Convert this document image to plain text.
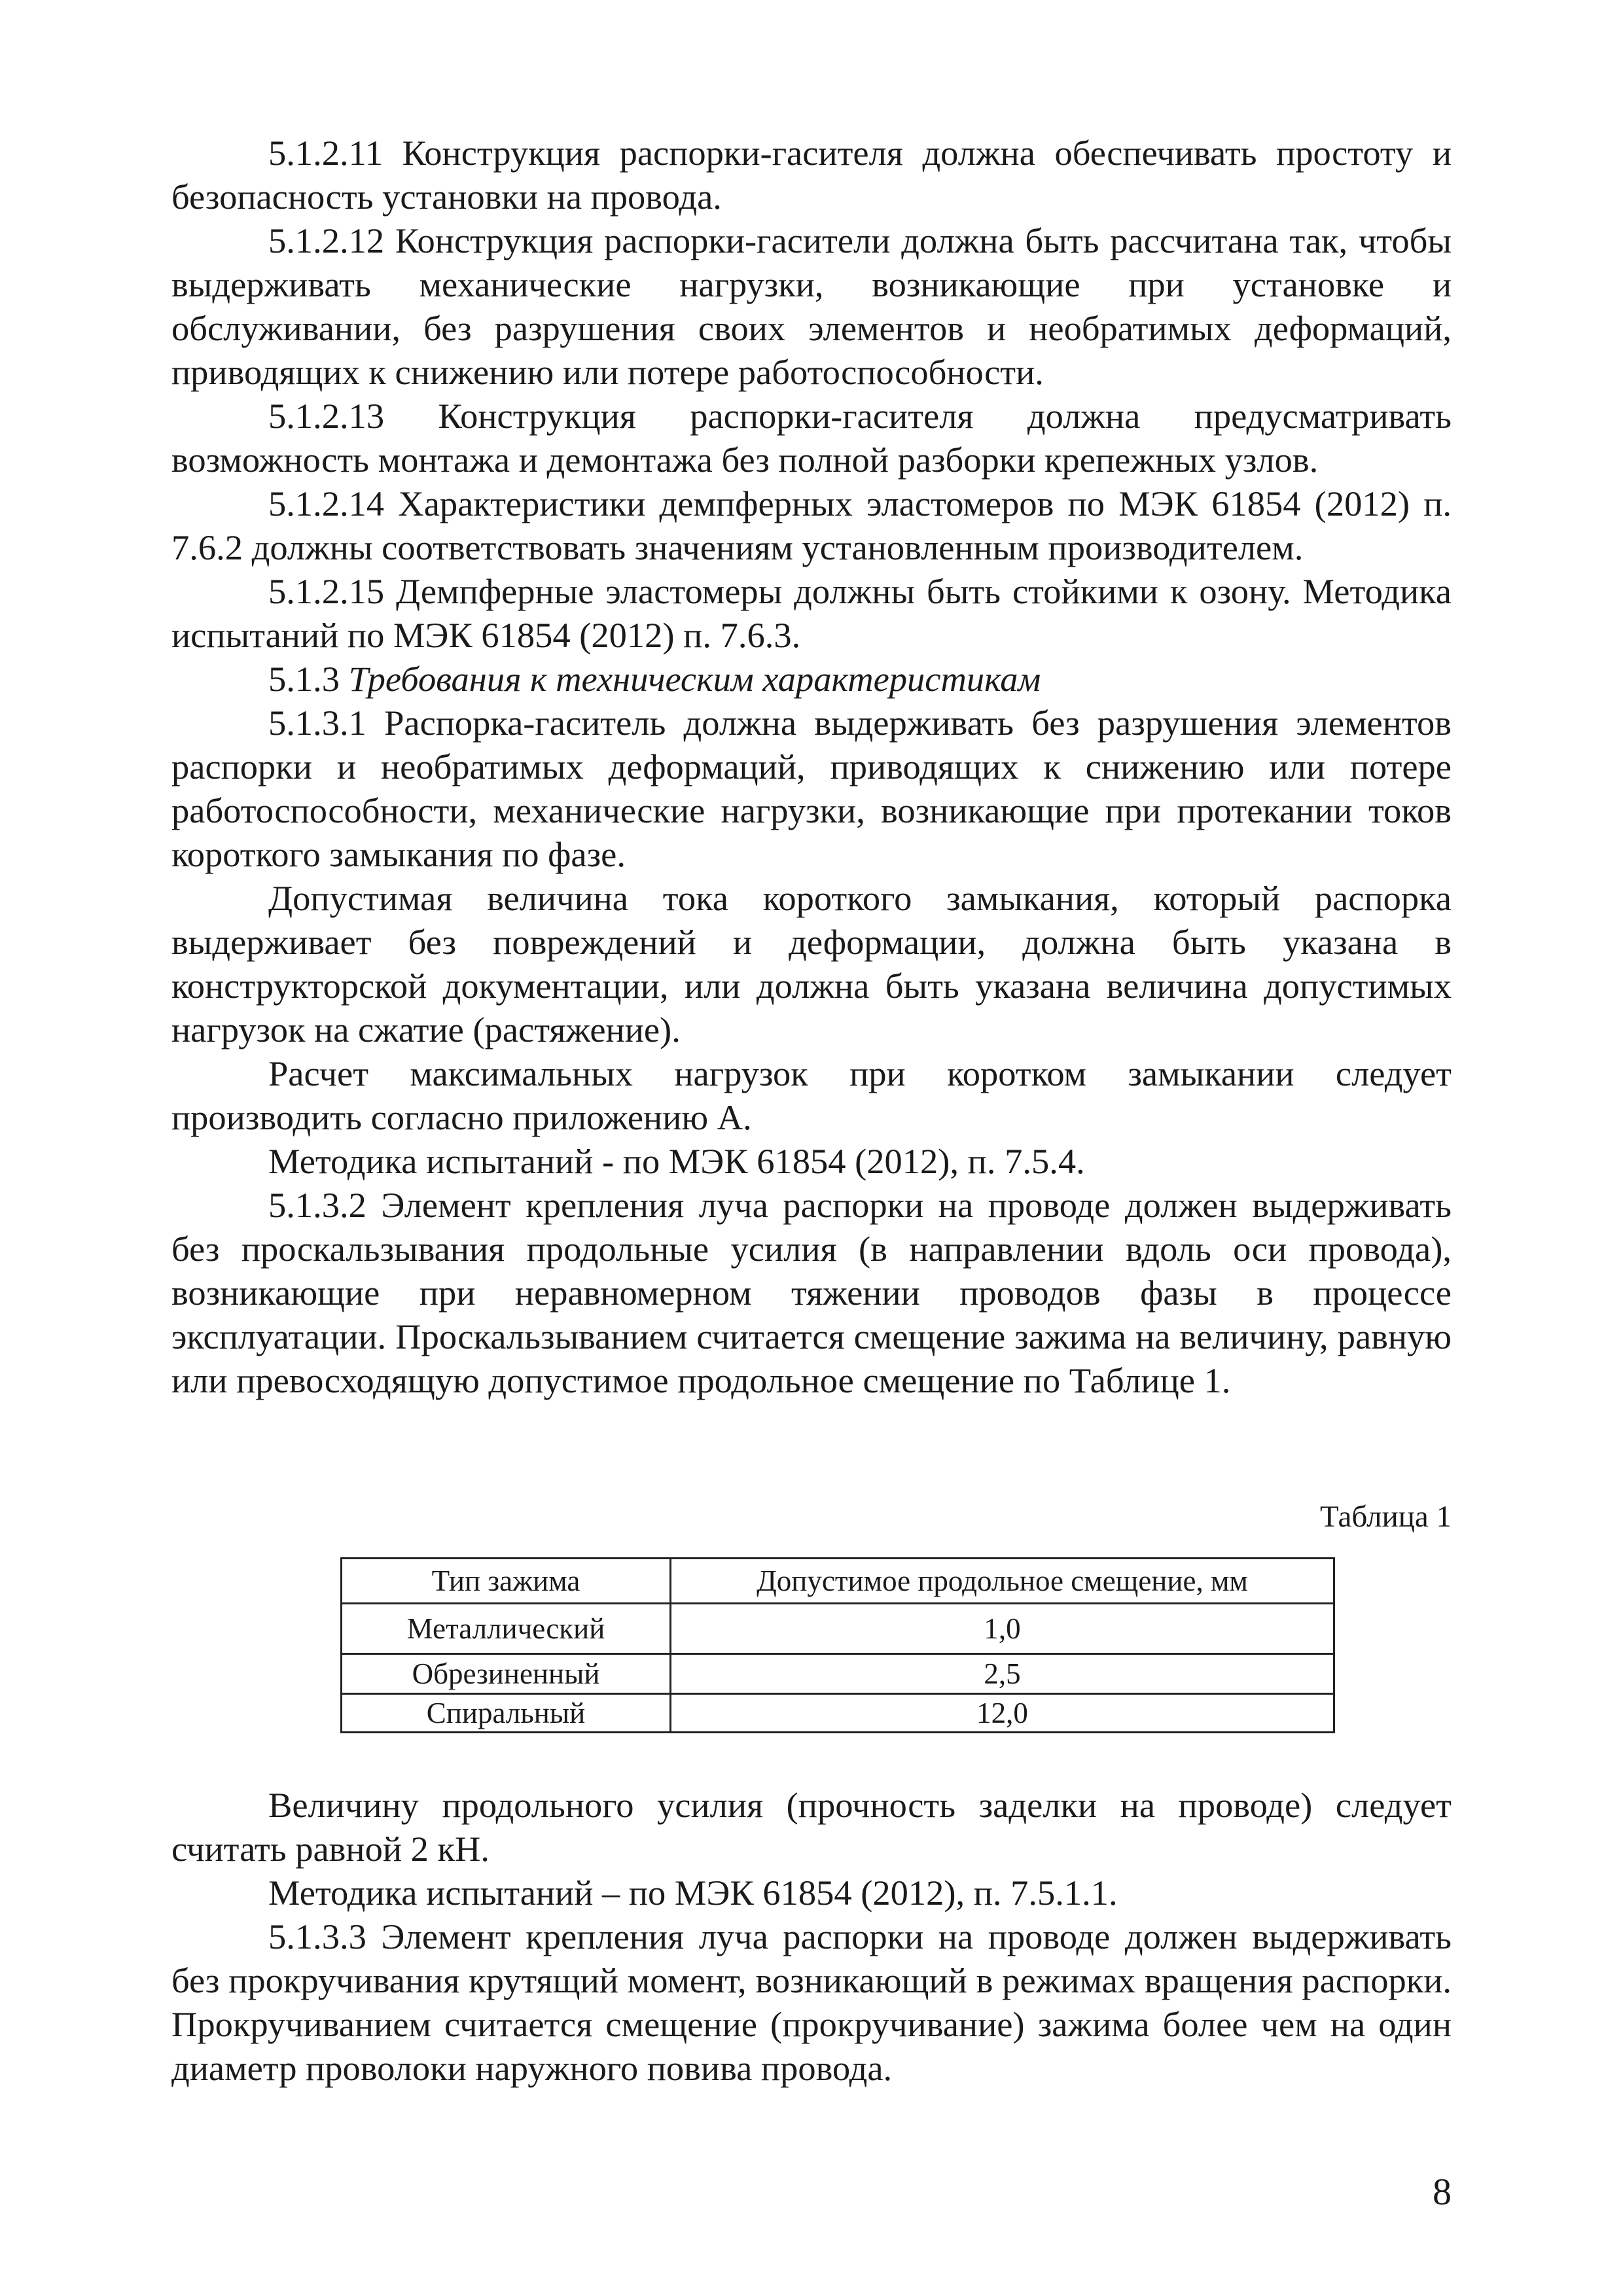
5.1.2.11 Конструкция распорки-гасителя должна обеспечивать простоту и безопасность установки на провода.

5.1.2.12 Конструкция распорки-гасители должна быть рассчитана так, чтобы выдерживать механические нагрузки, возникающие при установке и обслуживании, без разрушения своих элементов и необратимых деформаций, приводящих к снижению или потере работоспособности.

5.1.2.13 Конструкция распорки-гасителя должна предусматривать возможность монтажа и демонтажа без полной разборки крепежных узлов.

5.1.2.14 Характеристики демпферных эластомеров по МЭК 61854 (2012) п. 7.6.2 должны соответствовать значениям установленным производителем.

5.1.2.15 Демпферные эластомеры должны быть стойкими к озону. Методика испытаний по МЭК 61854 (2012) п. 7.6.3.

5.1.3 Требования к техническим характеристикам

5.1.3.1 Распорка-гаситель должна выдерживать без разрушения элементов распорки и необратимых деформаций, приводящих к снижению или потере работоспособности, механические нагрузки, возникающие при протекании токов короткого замыкания по фазе.

Допустимая величина тока короткого замыкания, который распорка выдерживает без повреждений и деформации, должна быть указана в конструкторской документации, или должна быть указана величина допустимых нагрузок на сжатие (растяжение).

Расчет максимальных нагрузок при коротком замыкании следует производить согласно приложению А.

Методика испытаний - по МЭК 61854 (2012), п. 7.5.4.

5.1.3.2 Элемент крепления луча распорки на проводе должен выдерживать без проскальзывания продольные усилия (в направлении вдоль оси провода), возникающие при неравномерном тяжении проводов фазы в процессе эксплуатации. Проскальзыванием считается смещение зажима на величину, равную или превосходящую допустимое продольное смещение по Таблице 1.

Таблица 1
Тип зажима	Допустимое продольное смещение, мм
Металлический	1,0
Обрезиненный	2,5
Спиральный	12,0

Величину продольного усилия (прочность заделки на проводе) следует считать равной 2 кН.

Методика испытаний – по МЭК 61854 (2012), п. 7.5.1.1.

5.1.3.3 Элемент крепления луча распорки на проводе должен выдерживать без прокручивания крутящий момент, возникающий в режимах вращения распорки. Прокручиванием считается смещение (прокручивание) зажима более чем на один диаметр проволоки наружного повива провода.

8
